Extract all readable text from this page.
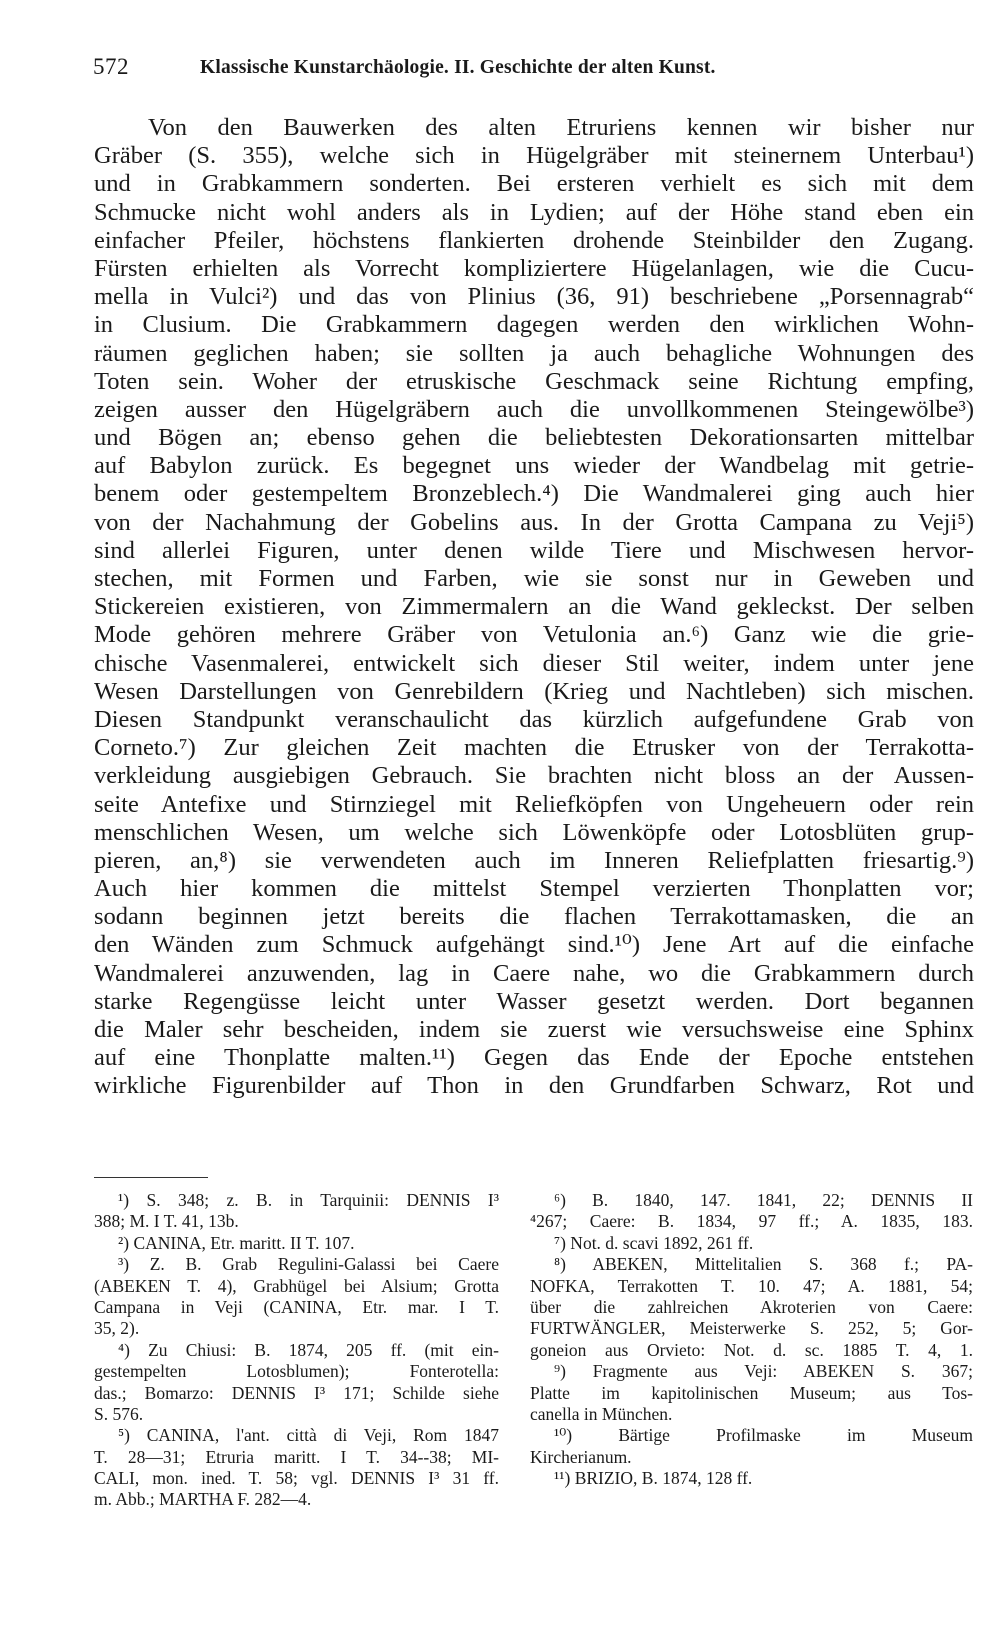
572	Klassische Kunstarchäologie. II. Geschichte der alten Kunst.
Von den Bauwerken des alten Etruriens kennen wir bisher nur
Gräber (S. 355), welche sich in Hügelgräber mit steinernem Unterbau¹)
und in Grabkammern sonderten. Bei ersteren verhielt es sich mit dem
Schmucke nicht wohl anders als in Lydien; auf der Höhe stand eben ein
einfacher Pfeiler, höchstens flankierten drohende Steinbilder den Zugang.
Fürsten erhielten als Vorrecht kompliziertere Hügelanlagen, wie die Cucu-
mella in Vulci²) und das von Plinius (36, 91) beschriebene „Porsennagrab“
in Clusium. Die Grabkammern dagegen werden den wirklichen Wohn-
räumen geglichen haben; sie sollten ja auch behagliche Wohnungen des
Toten sein. Woher der etruskische Geschmack seine Richtung empfing,
zeigen ausser den Hügelgräbern auch die unvollkommenen Steingewölbe³)
und Bögen an; ebenso gehen die beliebtesten Dekorationsarten mittelbar
auf Babylon zurück. Es begegnet uns wieder der Wandbelag mit getrie-
benem oder gestempeltem Bronzeblech.⁴) Die Wandmalerei ging auch hier
von der Nachahmung der Gobelins aus. In der Grotta Campana zu Veji⁵)
sind allerlei Figuren, unter denen wilde Tiere und Mischwesen hervor-
stechen, mit Formen und Farben, wie sie sonst nur in Geweben und
Stickereien existieren, von Zimmermalern an die Wand gekleckst. Der selben
Mode gehören mehrere Gräber von Vetulonia an.⁶) Ganz wie die grie-
chische Vasenmalerei, entwickelt sich dieser Stil weiter, indem unter jene
Wesen Darstellungen von Genrebildern (Krieg und Nachtleben) sich mischen.
Diesen Standpunkt veranschaulicht das kürzlich aufgefundene Grab von
Corneto.⁷) Zur gleichen Zeit machten die Etrusker von der Terrakotta-
verkleidung ausgiebigen Gebrauch. Sie brachten nicht bloss an der Aussen-
seite Antefixe und Stirnziegel mit Reliefköpfen von Ungeheuern oder rein
menschlichen Wesen, um welche sich Löwenköpfe oder Lotosblüten grup-
pieren, an,⁸) sie verwendeten auch im Inneren Reliefplatten friesartig.⁹)
Auch hier kommen die mittelst Stempel verzierten Thonplatten vor;
sodann beginnen jetzt bereits die flachen Terrakottamasken, die an
den Wänden zum Schmuck aufgehängt sind.¹⁰) Jene Art auf die einfache
Wandmalerei anzuwenden, lag in Caere nahe, wo die Grabkammern durch
starke Regengüsse leicht unter Wasser gesetzt werden. Dort begannen
die Maler sehr bescheiden, indem sie zuerst wie versuchsweise eine Sphinx
auf eine Thonplatte malten.¹¹) Gegen das Ende der Epoche entstehen
wirkliche Figurenbilder auf Thon in den Grundfarben Schwarz, Rot und
¹) S. 348; z. B. in Tarquinii: DENNIS I³
388; M. I T. 41, 13b.
²) CANINA, Etr. maritt. II T. 107.
³) Z. B. Grab Regulini-Galassi bei Caere
(ABEKEN T. 4), Grabhügel bei Alsium; Grotta
Campana in Veji (CANINA, Etr. mar. I T.
35, 2).
⁴) Zu Chiusi: B. 1874, 205 ff. (mit ein-
gestempelten Lotosblumen); Fonterotella:
das.; Bomarzo: DENNIS I³ 171; Schilde siehe
S. 576.
⁵) CANINA, l'ant. città di Veji, Rom 1847
T. 28—31; Etruria maritt. I T. 34--38; MI-
CALI, mon. ined. T. 58; vgl. DENNIS I³ 31 ff.
m. Abb.; MARTHA F. 282—4.
⁶) B. 1840, 147. 1841, 22; DENNIS II
⁴267; Caere: B. 1834, 97 ff.; A. 1835, 183.
⁷) Not. d. scavi 1892, 261 ff.
⁸) ABEKEN, Mittelitalien S. 368 f.; PA-
NOFKA, Terrakotten T. 10. 47; A. 1881, 54;
über die zahlreichen Akroterien von Caere:
FURTWÄNGLER, Meisterwerke S. 252, 5; Gor-
goneion aus Orvieto: Not. d. sc. 1885 T. 4, 1.
⁹) Fragmente aus Veji: ABEKEN S. 367;
Platte im kapitolinischen Museum; aus Tos-
canella in München.
¹⁰) Bärtige Profilmaske im Museum
Kircherianum.
¹¹) BRIZIO, B. 1874, 128 ff.
